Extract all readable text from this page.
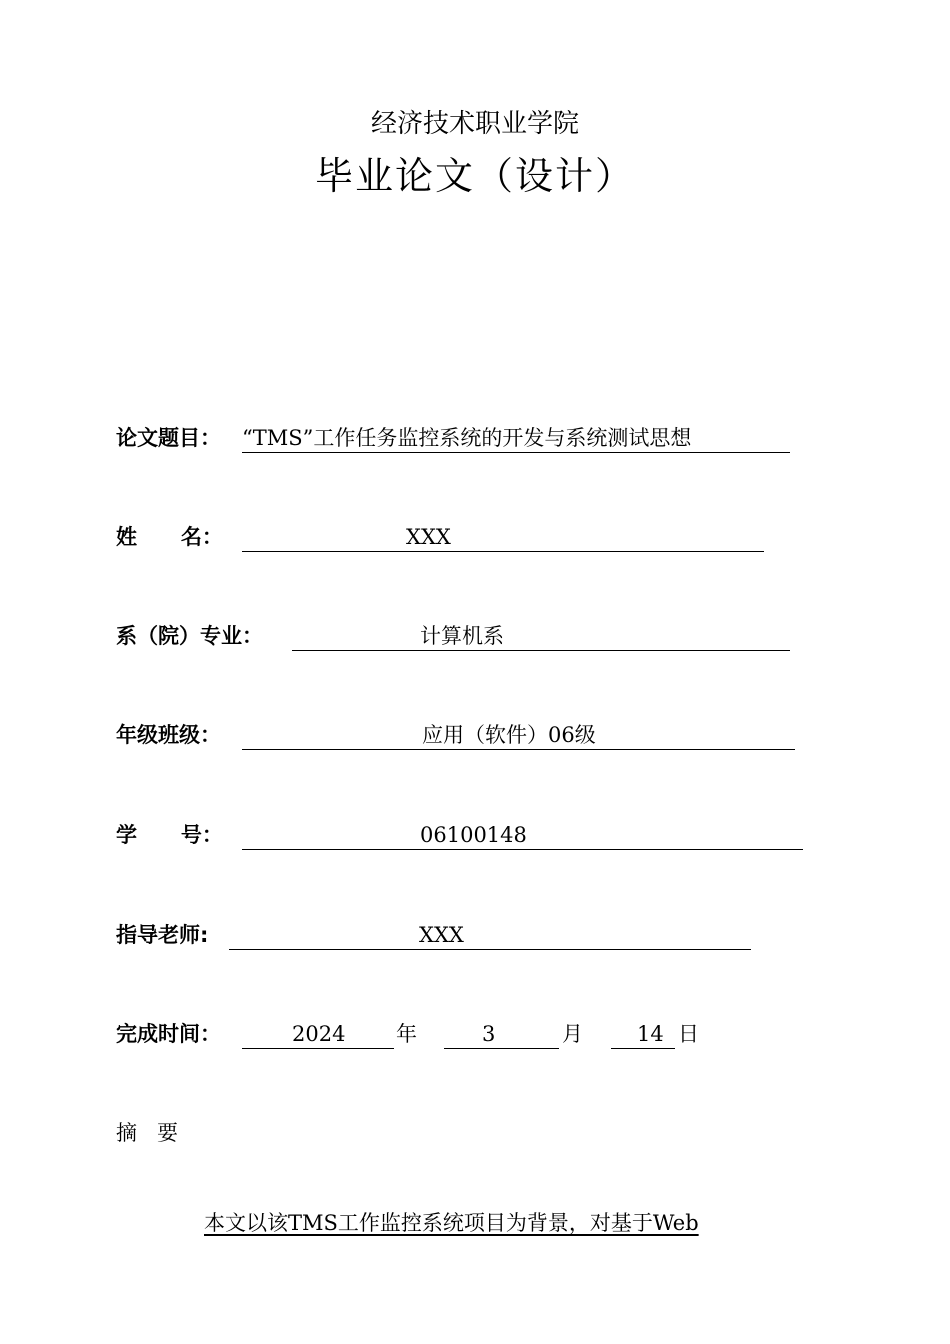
经济技术职业学院
毕业论文（设计）
论文题目： “TMS”工作任务监控系统的开发与系统测试思想
姓      名：	XXX
系（院）专业：	计算机系
年级班级：	应用（软件）06级
学      号：	06100148
指导老师:	XXX
完成时间：	2024 年	3	月	14 日
摘要
本文以该TMS工作监控系统项目为背景，对基于Web
